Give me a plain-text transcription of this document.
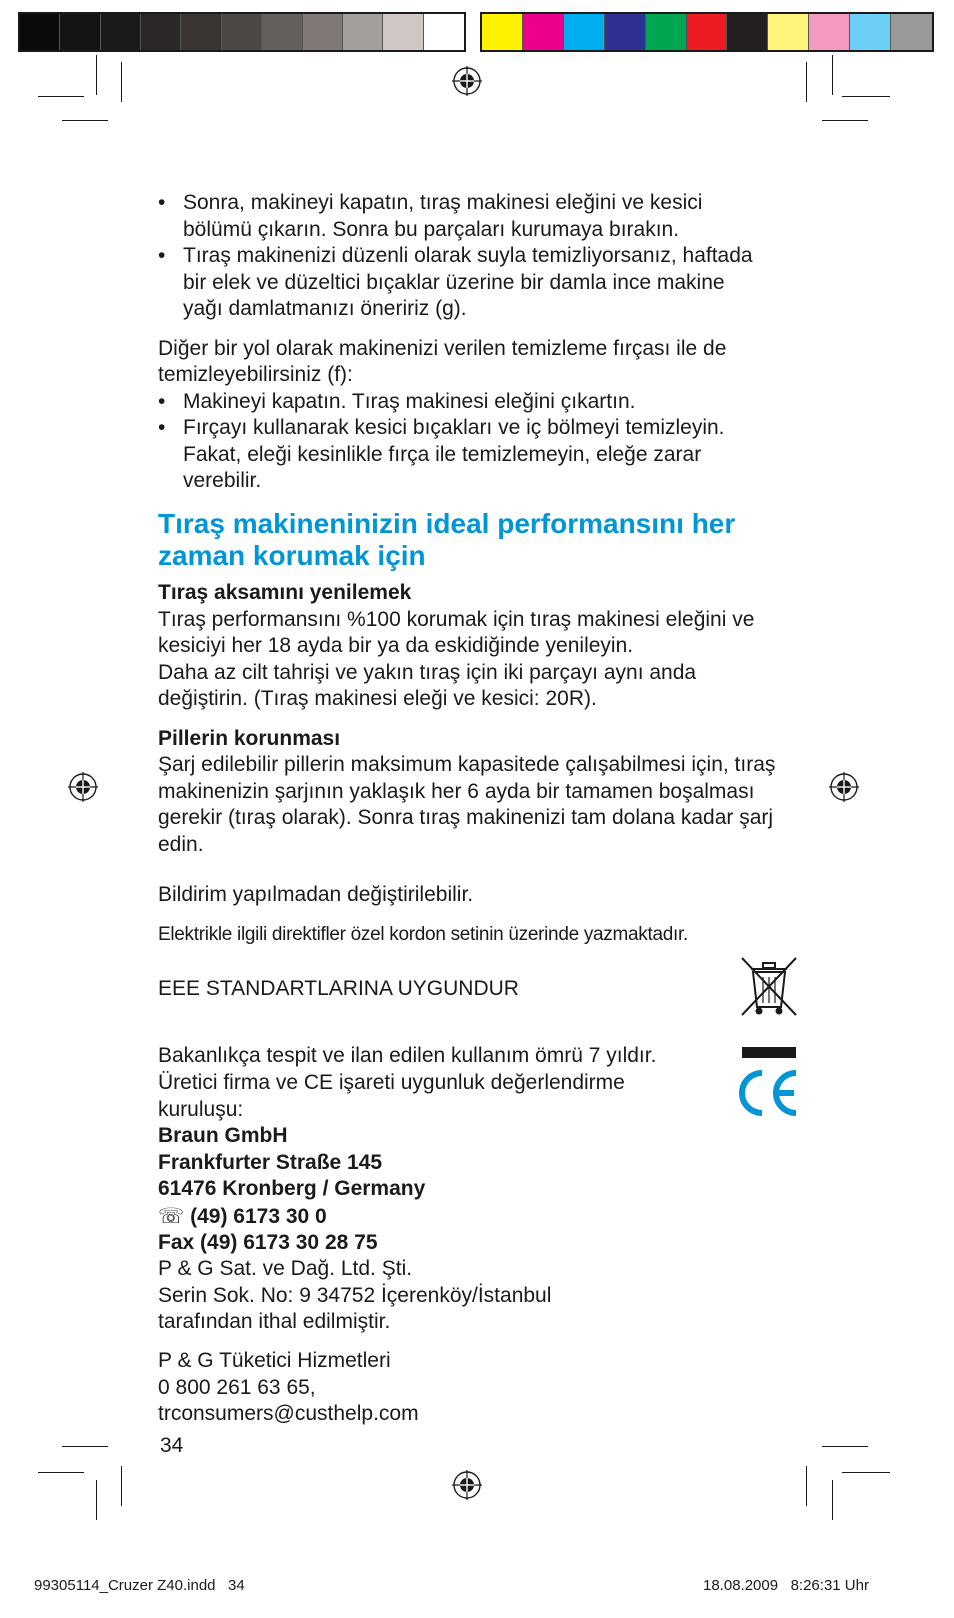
• Sonra, makineyi kapatın, tıraş makinesi eleğini ve kesici bölümü çıkarın. Sonra bu parçaları kurumaya bırakın.

• Tıraş makinenizi düzenli olarak suyla temizliyorsanız, haftada bir elek ve düzeltici bıçaklar üzerine bir damla ince makine yağı damlatmanızı öneririz (g).

Diğer bir yol olarak makinenizi verilen temizleme fırçası ile de temizleyebilirsiniz (f):

• Makineyi kapatın. Tıraş makinesi eleğini çıkartın.

• Fırçayı kullanarak kesici bıçakları ve iç bölmeyi temizleyin. Fakat, eleği kesinlikle fırça ile temizlemeyin, eleğe zarar verebilir.

Tıraş makineninizin ideal performansını her zaman korumak için

Tıraş aksamını yenilemek

Tıraş performansını %100 korumak için tıraş makinesi eleğini ve kesiciyi her 18 ayda bir ya da eskidiğinde yenileyin.

Daha az cilt tahrişi ve yakın tıraş için iki parçayı aynı anda değiştirin. (Tıraş makinesi eleği ve kesici: 20R).

Pillerin korunması

Şarj edilebilir pillerin maksimum kapasitede çalışabilmesi için, tıraş makinenizin şarjının yaklaşık her 6 ayda bir tamamen boşalması gerekir (tıraş olarak). Sonra tıraş makinenizi tam dolana kadar şarj edin.

Bildirim yapılmadan değiştirilebilir.

Elektrikle ilgili direktifler özel kordon setinin üzerinde yazmaktadır.

EEE STANDARTLARINA UYGUNDUR

Bakanlıkça tespit ve ilan edilen kullanım ömrü 7 yıldır.

Üretici firma ve CE işareti uygunluk değerlendirme kuruluşu:

Braun GmbH

Frankfurter Straße 145

61476 Kronberg / Germany

☏ (49) 6173 30 0

Fax (49) 6173 30 28 75

P & G Sat. ve Dağ. Ltd. Şti.

Serin Sok. No: 9 34752 İçerenköy/İstanbul

tarafından ithal edilmiştir.

P & G Tüketici Hizmetleri

0 800 261 63 65,

trconsumers@custhelp.com

34
99305114_Cruzer Z40.indd   34	18.08.2009   8:26:31 Uhr
